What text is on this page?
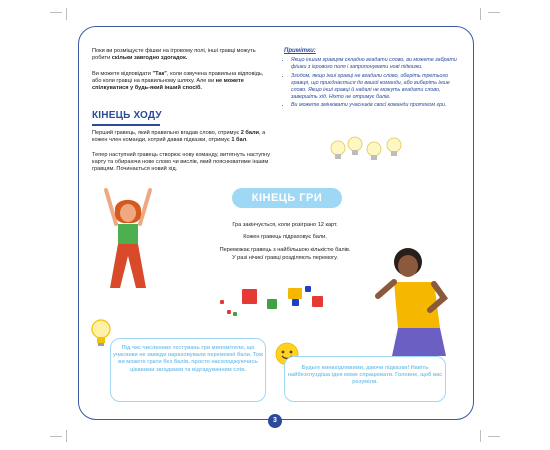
Поки ви розміщуєте фішки на ігровому полі, інші гравці можуть робити скільки завгодно здогадок.
Ви можете відповідати "Так", коли озвучена правильна відповідь, або коли гравці на правильному шляху. Але ви не можете спілкуватися у будь-який інший спосіб.
КІНЕЦЬ ХОДУ
Перший гравець, який правильно вгадав слово, отримує 2 бали, а кожен член команди, котрий давав підказки, отримує 1 бал.
Тепер наступний гравець створює нову команду, витягнуть наступну карту та обираючи нове слово чи вислів, який пояснюватиме іншим гравцям. Починається новий хід.
Примітки:
• Якщо іншим гравцям складно вгадати слово, ви можете забрати фішки з ігрового поля і запропонувати нові підказки.
• Згодом, якщо інші гравці не вгадали слово, оберіть третього гравця, що приєднається до вашої команди, або виберіть інше слово. Якщо інші гравці й надалі не можуть вгадати слово, завершіть хід. Ніхто не отримує балів.
• Ви можете змінювати учасників своєї команди протягом гри.
КІНЕЦЬ ГРИ
Гра закінчується, коли розіграно 12 карт.
Кожен гравець підраховує бали.
Переможає гравець з найбільшою кількістю балів.
У разі нічиєї гравці розділяють перемогу.
Під час численних тестувань гри мипомітили, що учасники не завжди нараховували переможні бали. Тож ви можете грати без балів, просто насолоджуючись цікавими загадками та відгадуванням слів.	Будьте винахідливими, даючи підказки! Навіть найбезглуздіша ідея може спрацювати. Головне, щоб вас розуміли.
3
